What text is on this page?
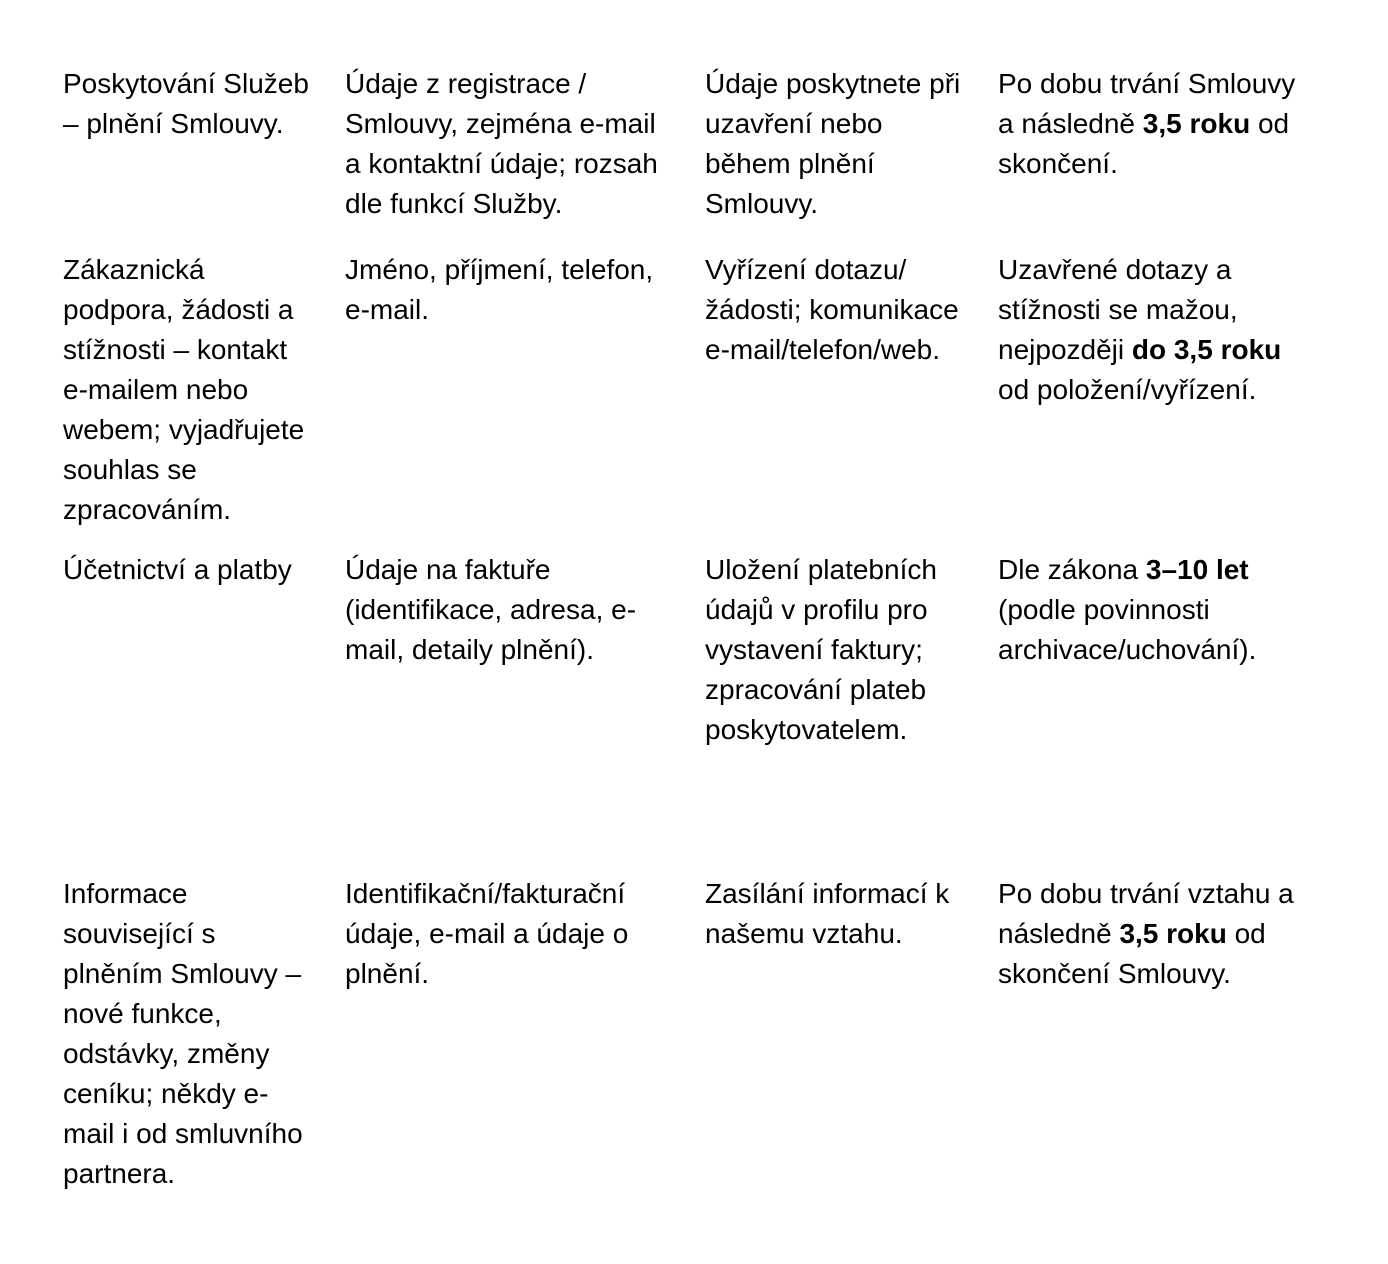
Poskytování Služeb – plnění Smlouvy.
Údaje z registrace / Smlouvy, zejména e-mail a kontaktní údaje; rozsah dle funkcí Služby.
Údaje poskytnete při uzavření nebo během plnění Smlouvy.
Po dobu trvání Smlouvy a následně 3,5 roku od skončení.
Zákaznická podpora, žádosti a stížnosti – kontakt e-mailem nebo webem; vyjadřujete souhlas se zpracováním.
Jméno, příjmení, telefon, e-mail.
Vyřízení dotazu/žádosti; komunikace e-mail/telefon/web.
Uzavřené dotazy a stížnosti se mažou, nejpozději do 3,5 roku od položení/vyřízení.
Účetnictví a platby	Údaje na faktuře (identifikace, adresa, e-mail, detaily plnění).
Uložení platebních údajů v profilu pro vystavení faktury; zpracování plateb poskytovatelem.
Dle zákona 3–10 let (podle povinnosti archivace/uchování).
Informace související s plněním Smlouvy – nové funkce, odstávky, změny ceníku; někdy e-mail i od smluvního partnera.
Identifikační/fakturační údaje, e-mail a údaje o plnění.
Zasílání informací k našemu vztahu.
Po dobu trvání vztahu a následně 3,5 roku od skončení Smlouvy.
